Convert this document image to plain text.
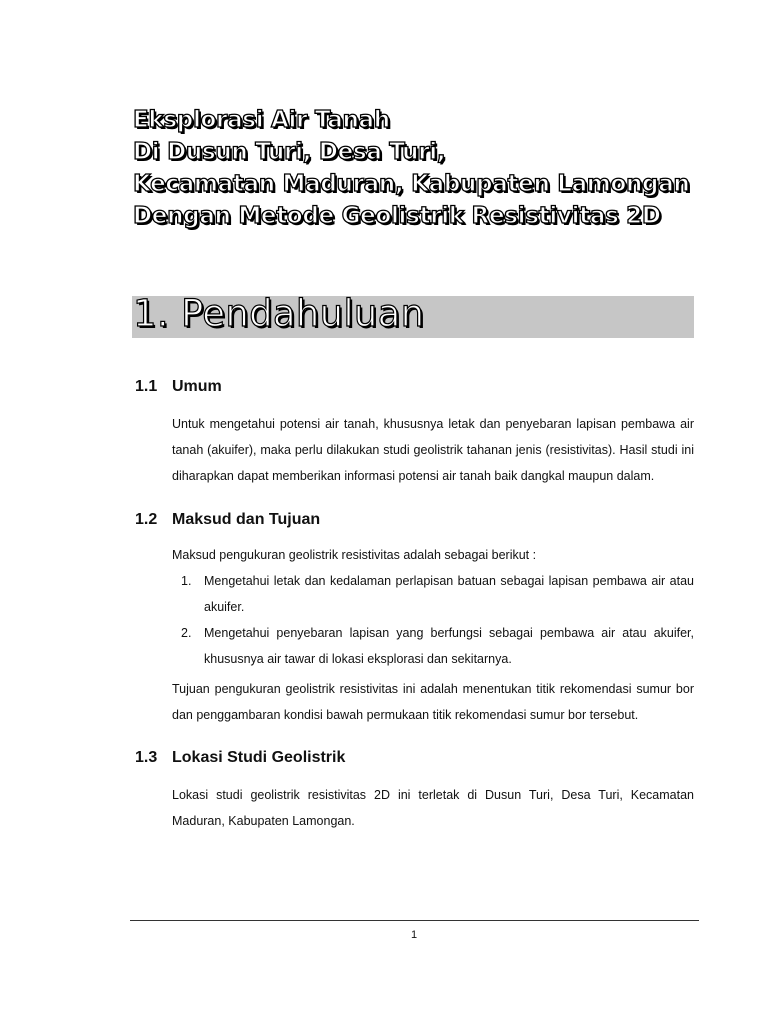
Eksplorasi Air Tanah
Di Dusun Turi, Desa Turi,
Kecamatan Maduran, Kabupaten Lamongan
Dengan Metode Geolistrik Resistivitas 2D
1. Pendahuluan
1.1 Umum
Untuk mengetahui potensi air tanah, khususnya letak dan penyebaran lapisan pembawa air tanah (akuifer), maka perlu dilakukan studi geolistrik tahanan jenis (resistivitas). Hasil studi ini diharapkan dapat memberikan informasi potensi air tanah baik dangkal maupun dalam.
1.2 Maksud dan Tujuan
Maksud pengukuran geolistrik resistivitas adalah sebagai berikut :
1. Mengetahui letak dan kedalaman perlapisan batuan sebagai lapisan pembawa air atau akuifer.
2. Mengetahui penyebaran lapisan yang berfungsi sebagai pembawa air atau akuifer, khususnya air tawar di lokasi eksplorasi dan sekitarnya.
Tujuan pengukuran geolistrik resistivitas ini adalah menentukan titik rekomendasi sumur bor dan penggambaran kondisi bawah permukaan titik rekomendasi sumur bor tersebut.
1.3 Lokasi Studi Geolistrik
Lokasi studi geolistrik resistivitas 2D ini terletak di Dusun Turi, Desa Turi, Kecamatan Maduran, Kabupaten Lamongan.
1
